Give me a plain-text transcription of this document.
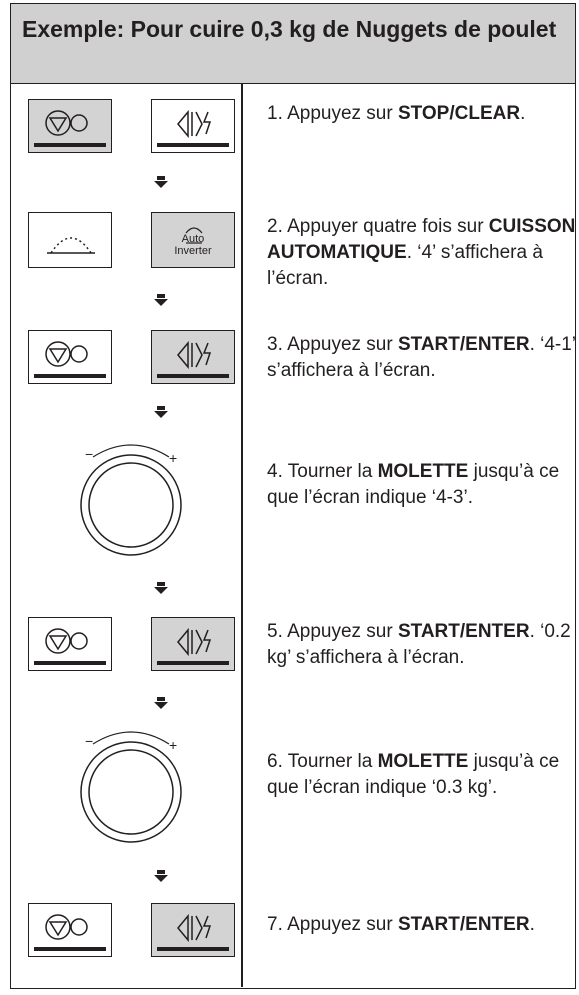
Exemple: Pour cuire 0,3 kg de Nuggets de poulet

1. Appuyez sur STOP/CLEAR.

Auto
Inverter

2. Appuyer quatre fois sur CUISSON AUTOMATIQUE. ‘4’ s’affichera à l’écran.

3. Appuyez sur START/ENTER. ‘4-1’ s’affichera à l’écran.

−	+

4. Tourner la MOLETTE jusqu’à ce que l’écran indique ‘4-3’.

5. Appuyez sur START/ENTER. ‘0.2 kg’ s’affichera à l’écran.

−	+

6. Tourner la MOLETTE jusqu’à ce que l’écran indique ‘0.3 kg’.

7. Appuyez sur START/ENTER.
